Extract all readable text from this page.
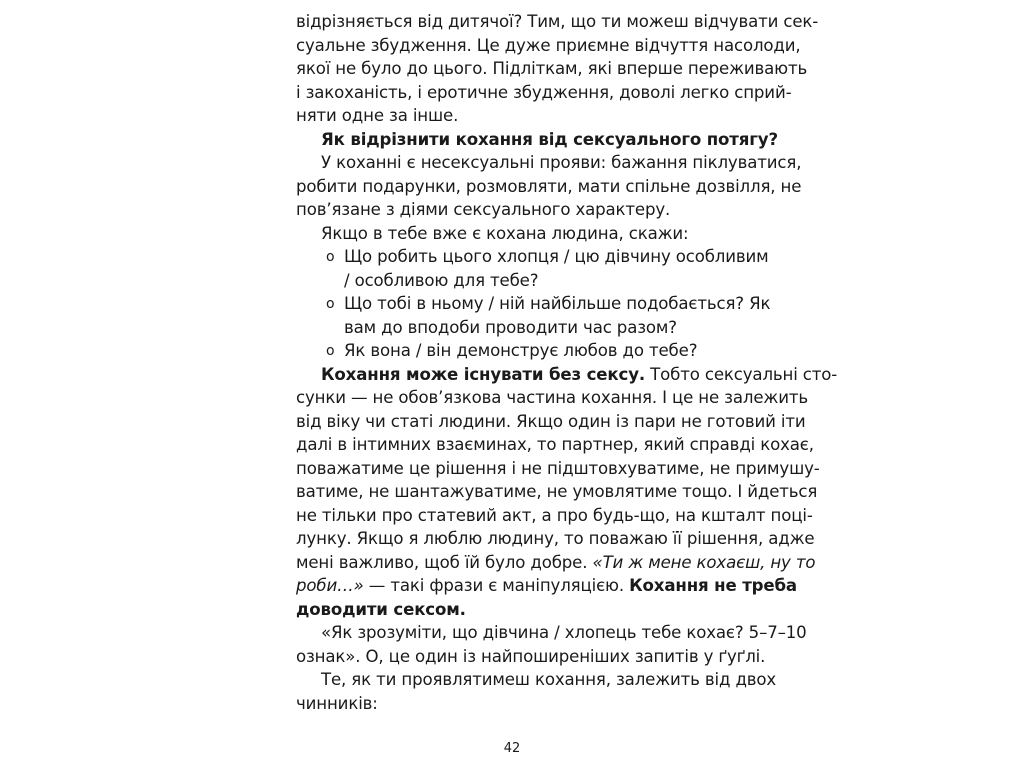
відрізняється від дитячої? Тим, що ти можеш відчувати сек-
суальне збудження. Це дуже приємне відчуття насолоди,
якої не було до цього. Підліткам, які вперше переживають
і закоханість, і еротичне збудження, доволі легко сприй-
няти одне за інше.
Як відрізнити кохання від сексуального потягу?
У коханні є несексуальні прояви: бажання піклуватися,
робити подарунки, розмовляти, мати спільне дозвілля, не
пов’язане з діями сексуального характеру.
Якщо в тебе вже є кохана людина, скажи:
o Що робить цього хлопця / цю дівчину особливим
/ особливою для тебе?
o Що тобі в ньому / ній найбільше подобається? Як
вам до вподоби проводити час разом?
o Як вона / він демонструє любов до тебе?
Кохання може існувати без сексу. Тобто сексуальні сто-
сунки — не обов’язкова частина кохання. І це не залежить
від віку чи статі людини. Якщо один із пари не готовий іти
далі в інтимних взаєминах, то партнер, який справді кохає,
поважатиме це рішення і не підштовхуватиме, не примушу-
ватиме, не шантажуватиме, не умовлятиме тощо. І йдеться
не тільки про статевий акт, а про будь-що, на кшталт поці-
лунку. Якщо я люблю людину, то поважаю її рішення, адже
мені важливо, щоб їй було добре. «Ти ж мене кохаєш, ну то
роби…» — такі фрази є маніпуляцією. Кохання не треба
доводити сексом.
«Як зрозуміти, що дівчина / хлопець тебе кохає? 5–7–10
ознак». О, це один із найпоширеніших запитів у ґуґлі.
Те, як ти проявлятимеш кохання, залежить від двох
чинників:
42
